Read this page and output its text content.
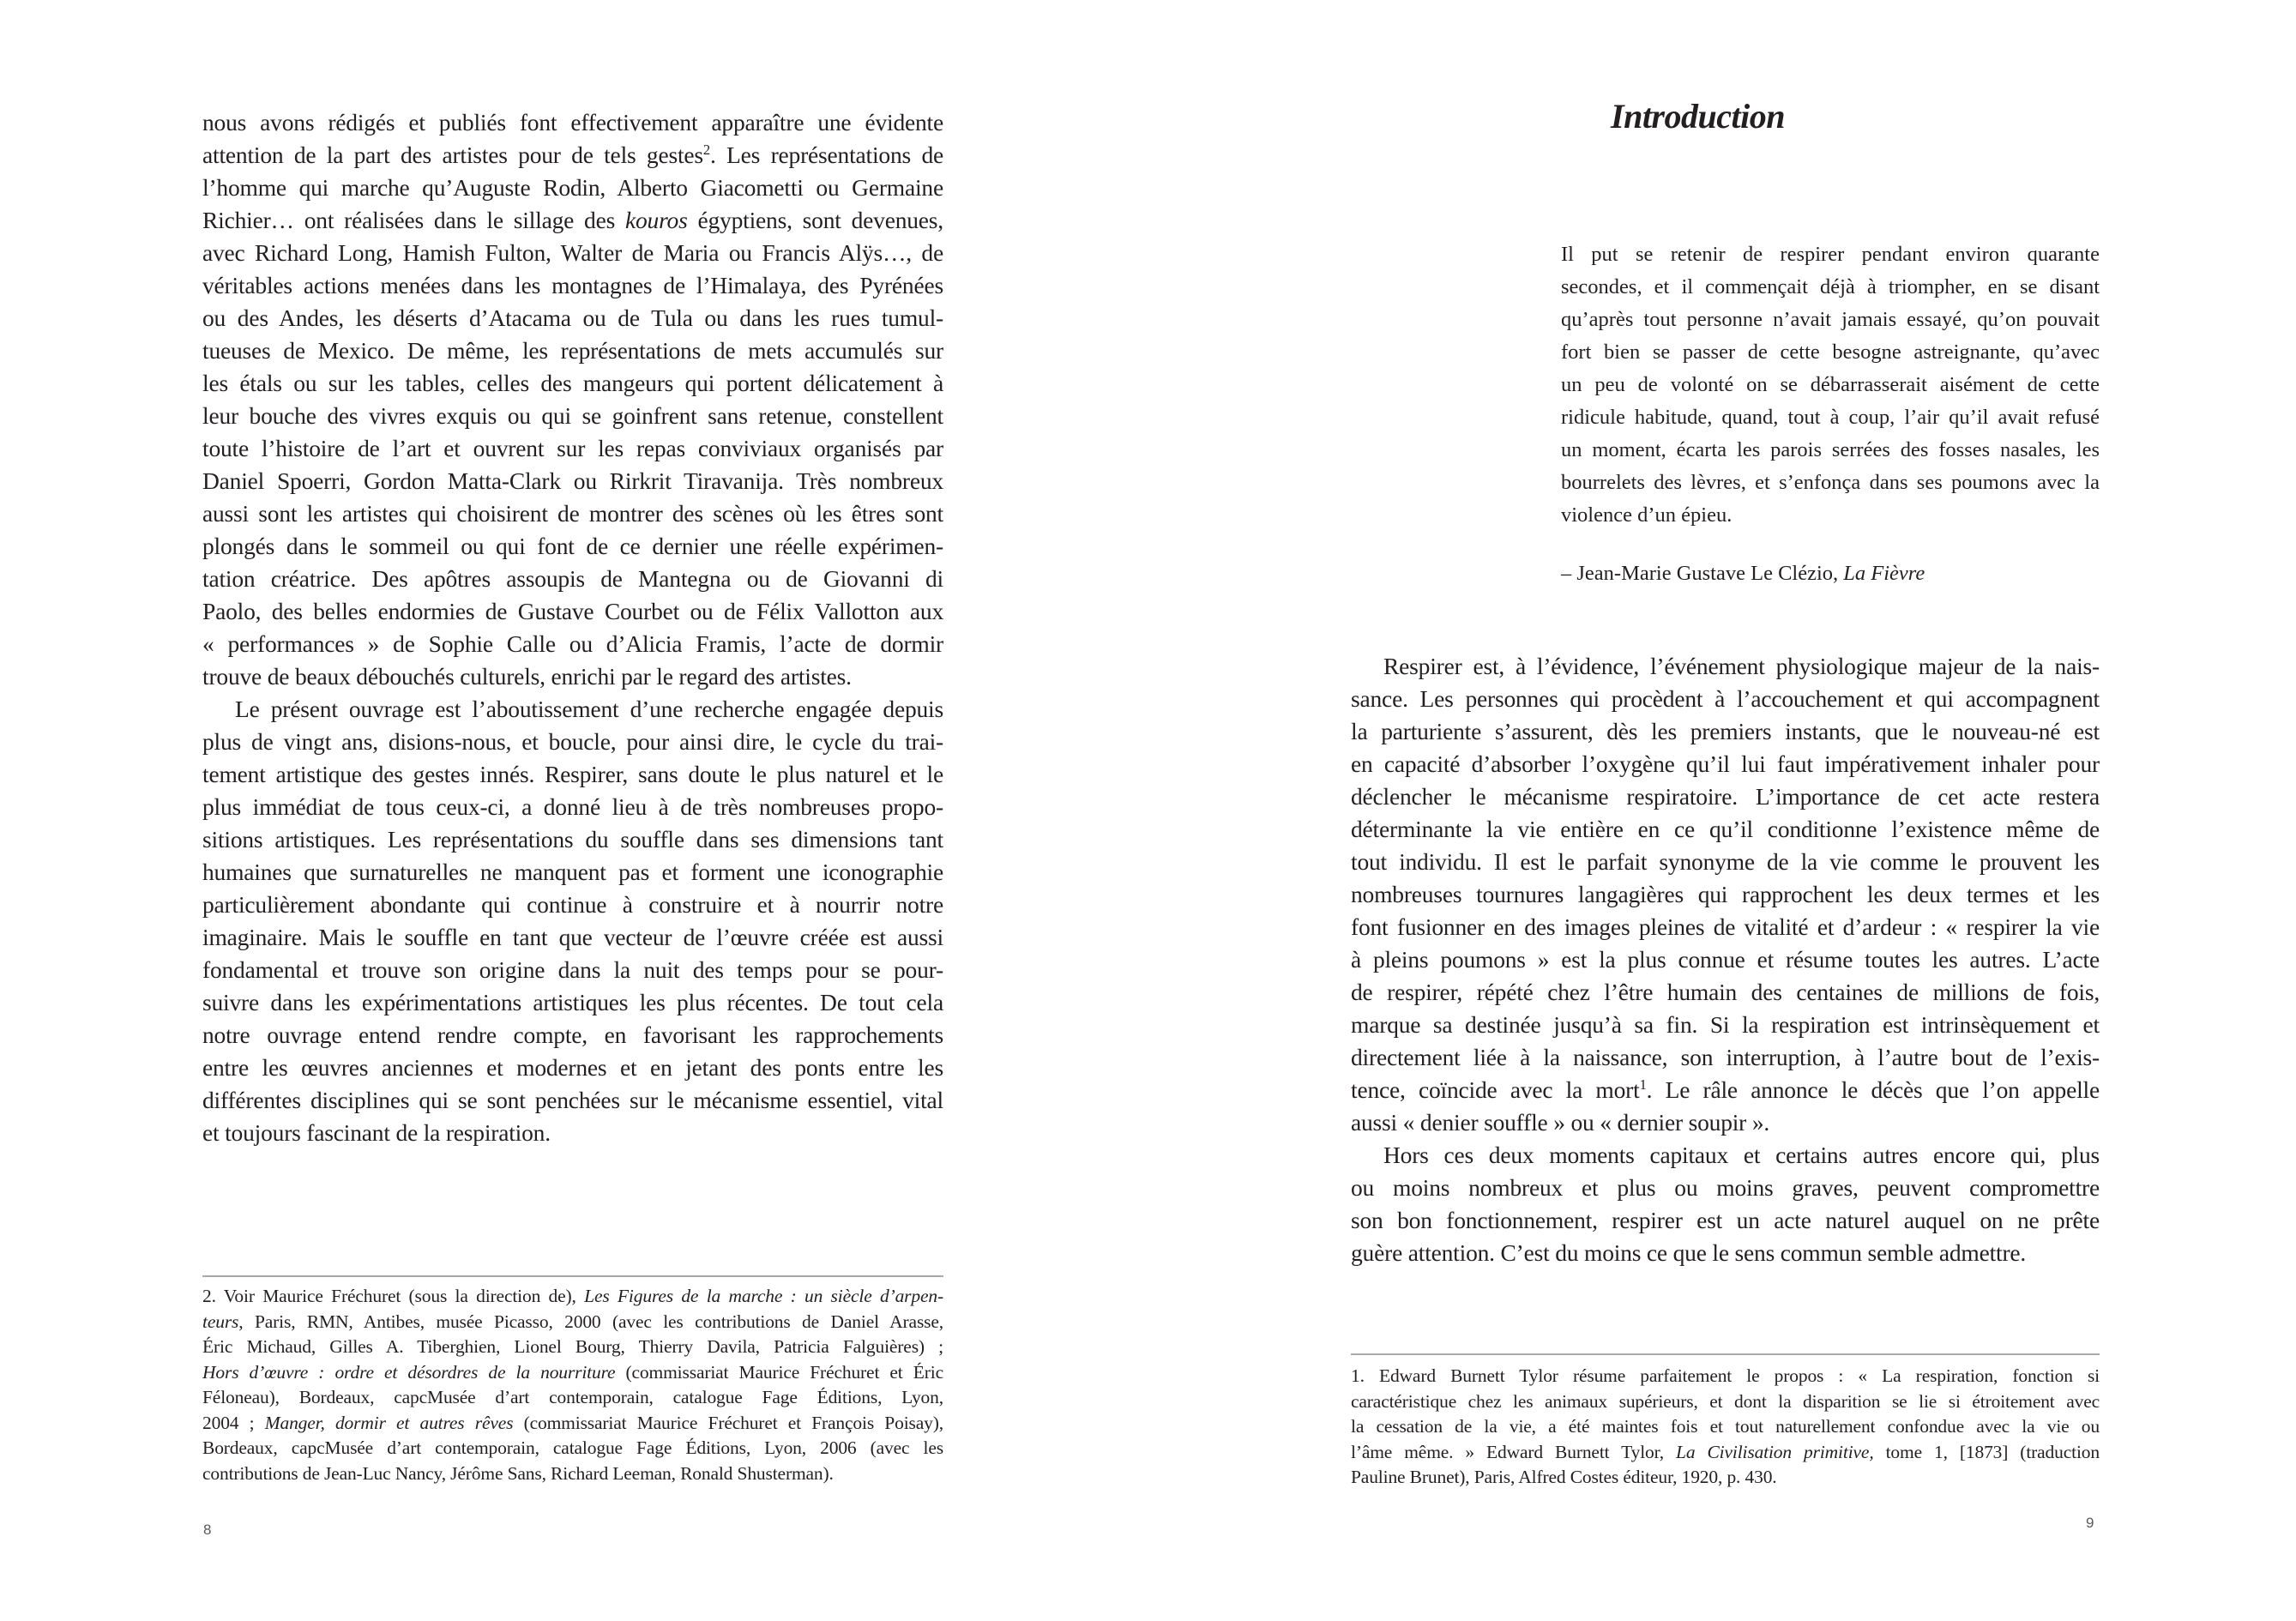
nous avons rédigés et publiés font effectivement apparaître une évidente
attention de la part des artistes pour de tels gestes$^2$. Les représentations de
l’homme qui marche qu’Auguste Rodin, Alberto Giacometti ou Germaine
Richier… ont réalisées dans le sillage des kouros égyptiens, sont devenues,
avec Richard Long, Hamish Fulton, Walter de Maria ou Francis Alÿs…, de
véritables actions menées dans les montagnes de l’Himalaya, des Pyrénées
ou des Andes, les déserts d’Atacama ou de Tula ou dans les rues tumul-
tueuses de Mexico. De même, les représentations de mets accumulés sur
les étals ou sur les tables, celles des mangeurs qui portent délicatement à
leur bouche des vivres exquis ou qui se goinfrent sans retenue, constellent
toute l’histoire de l’art et ouvrent sur les repas conviviaux organisés par
Daniel Spoerri, Gordon Matta-Clark ou Rirkrit Tiravanija. Très nombreux
aussi sont les artistes qui choisirent de montrer des scènes où les êtres sont
plongés dans le sommeil ou qui font de ce dernier une réelle expérimen-
tation créatrice. Des apôtres assoupis de Mantegna ou de Giovanni di
Paolo, des belles endormies de Gustave Courbet ou de Félix Vallotton aux
« performances » de Sophie Calle ou d’Alicia Framis, l’acte de dormir
trouve de beaux débouchés culturels, enrichi par le regard des artistes.
Le présent ouvrage est l’aboutissement d’une recherche engagée depuis
plus de vingt ans, disions-nous, et boucle, pour ainsi dire, le cycle du trai-
tement artistique des gestes innés. Respirer, sans doute le plus naturel et le
plus immédiat de tous ceux-ci, a donné lieu à de très nombreuses propo-
sitions artistiques. Les représentations du souffle dans ses dimensions tant
humaines que surnaturelles ne manquent pas et forment une iconographie
particulièrement abondante qui continue à construire et à nourrir notre
imaginaire. Mais le souffle en tant que vecteur de l’œuvre créée est aussi
fondamental et trouve son origine dans la nuit des temps pour se pour-
suivre dans les expérimentations artistiques les plus récentes. De tout cela
notre ouvrage entend rendre compte, en favorisant les rapprochements
entre les œuvres anciennes et modernes et en jetant des ponts entre les
différentes disciplines qui se sont penchées sur le mécanisme essentiel, vital
et toujours fascinant de la respiration.
2. Voir Maurice Fréchuret (sous la direction de), Les Figures de la marche : un siècle d’arpen-
teurs, Paris, RMN, Antibes, musée Picasso, 2000 (avec les contributions de Daniel Arasse,
Éric Michaud, Gilles A. Tiberghien, Lionel Bourg, Thierry Davila, Patricia Falguières) ;
Hors d’œuvre : ordre et désordres de la nourriture (commissariat Maurice Fréchuret et Éric
Féloneau), Bordeaux, capcMusée d’art contemporain, catalogue Fage Éditions, Lyon,
2004 ; Manger, dormir et autres rêves (commissariat Maurice Fréchuret et François Poisay),
Bordeaux, capcMusée d’art contemporain, catalogue Fage Éditions, Lyon, 2006 (avec les
contributions de Jean-Luc Nancy, Jérôme Sans, Richard Leeman, Ronald Shusterman).
8
Introduction
Il put se retenir de respirer pendant environ quarante
secondes, et il commençait déjà à triompher, en se disant
qu’après tout personne n’avait jamais essayé, qu’on pouvait
fort bien se passer de cette besogne astreignante, qu’avec
un peu de volonté on se débarrasserait aisément de cette
ridicule habitude, quand, tout à coup, l’air qu’il avait refusé
un moment, écarta les parois serrées des fosses nasales, les
bourrelets des lèvres, et s’enfonça dans ses poumons avec la
violence d’un épieu.
– Jean-Marie Gustave Le Clézio, La Fièvre
Respirer est, à l’évidence, l’événement physiologique majeur de la nais-
sance. Les personnes qui procèdent à l’accouchement et qui accompagnent
la parturiente s’assurent, dès les premiers instants, que le nouveau-né est
en capacité d’absorber l’oxygène qu’il lui faut impérativement inhaler pour
déclencher le mécanisme respiratoire. L’importance de cet acte restera
déterminante la vie entière en ce qu’il conditionne l’existence même de
tout individu. Il est le parfait synonyme de la vie comme le prouvent les
nombreuses tournures langagières qui rapprochent les deux termes et les
font fusionner en des images pleines de vitalité et d’ardeur : « respirer la vie
à pleins poumons » est la plus connue et résume toutes les autres. L’acte
de respirer, répété chez l’être humain des centaines de millions de fois,
marque sa destinée jusqu’à sa fin. Si la respiration est intrinsèquement et
directement liée à la naissance, son interruption, à l’autre bout de l’exis-
tence, coïncide avec la mort$^1$. Le râle annonce le décès que l’on appelle
aussi « denier souffle » ou « dernier soupir ».
Hors ces deux moments capitaux et certains autres encore qui, plus
ou moins nombreux et plus ou moins graves, peuvent compromettre
son bon fonctionnement, respirer est un acte naturel auquel on ne prête
guère attention. C’est du moins ce que le sens commun semble admettre.
1. Edward Burnett Tylor résume parfaitement le propos : « La respiration, fonction si
caractéristique chez les animaux supérieurs, et dont la disparition se lie si étroitement avec
la cessation de la vie, a été maintes fois et tout naturellement confondue avec la vie ou
l’âme même. » Edward Burnett Tylor, La Civilisation primitive, tome 1, [1873] (traduction
Pauline Brunet), Paris, Alfred Costes éditeur, 1920, p. 430.
9
